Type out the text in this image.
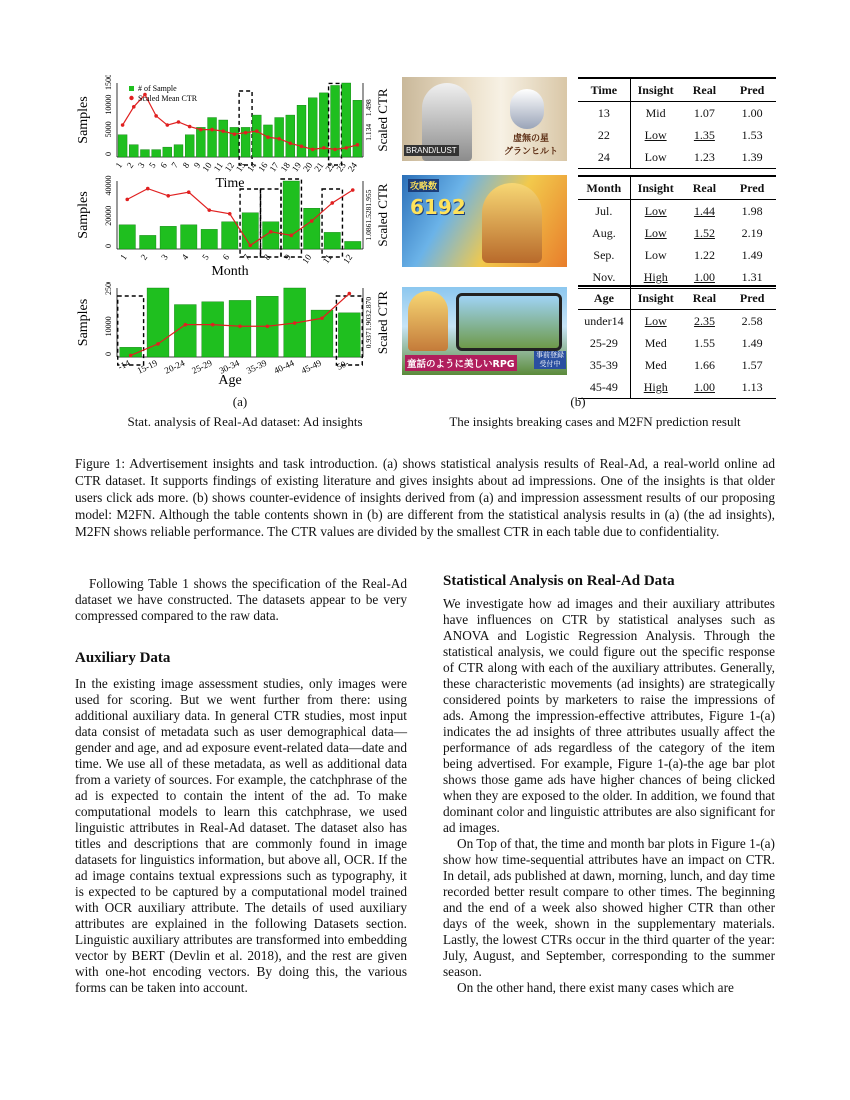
1 2 3 5 6 7 8 9
10
11
12
13
14
16
17
18
19
20
21
22
23
24
0
5000
10000
15000
1.134
1.498
Samples	Scaled CTR
Time
# of Sample
Scaled Mean CTR
1 2 3 4 5 6 7 8 9 10 11 12
0
20000
40000
1.086
1.528
1.955
Samples	Scaled CTR
Month
-14 15-19 20-24 25-29 30-34 35-39 40-44 45-49 50-
0
10000
25000
0.937
1.903
2.870
Samples	Scaled CTR
Age
(a)
Stat. analysis of Real-Ad dataset: Ad insights
BRAND/LUST
虚無の星
グランヒルト
攻略数
6192
童話のように美しいRPG
事前登録受付中
Time	Insight	Real	Pred
13	Mid	1.07	1.00
22	Low	1.35	1.53
24	Low	1.23	1.39
Month	Insight	Real	Pred
Jul.	Low	1.44	1.98
Aug.	Low	1.52	2.19
Sep.	Low	1.22	1.49
Nov.	High	1.00	1.31
Age	Insight	Real	Pred
under14	Low	2.35	2.58
25-29	Med	1.55	1.49
35-39	Med	1.66	1.57
45-49	High	1.00	1.13
(b)
The insights breaking cases and M2FN prediction result
Figure 1: Advertisement insights and task introduction. (a) shows statistical analysis results of Real-Ad, a real-world online ad CTR dataset. It supports findings of existing literature and gives insights about ad impressions. One of the insights is that older users click ads more. (b) shows counter-evidence of insights derived from (a) and impression assessment results of our proposing model: M2FN. Although the table contents shown in (b) are different from the statistical analysis results in (a) (the ad insights), M2FN shows reliable performance. The CTR values are divided by the smallest CTR in each table due to confidentiality.

Following Table 1 shows the specification of the Real-Ad dataset we have constructed. The datasets appear to be very compressed compared to the raw data.

Auxiliary Data

In the existing image assessment studies, only images were used for scoring. But we went further from there: using additional auxiliary data. In general CTR studies, most input data consist of metadata such as user demographical data—gender and age, and ad exposure event-related data—date and time. We use all of these metadata, as well as additional data from a variety of sources. For example, the catchphrase of the ad is expected to contain the intent of the ad. To make computational models to learn this catchphrase, we used linguistic attributes in Real-Ad dataset. The dataset also has titles and descriptions that are commonly found in image datasets for linguistics information, but above all, OCR. If the ad image contains textual expressions such as typography, it is expected to be captured by a computational model trained with OCR auxiliary attribute. The details of used auxiliary attributes are explained in the following Datasets section. Linguistic auxiliary attributes are transformed into embedding vector by BERT (Devlin et al. 2018), and the rest are given with one-hot encoding vectors. By doing this, the various forms can be taken into account.

Statistical Analysis on Real-Ad Data

We investigate how ad images and their auxiliary attributes have influences on CTR by statistical analyses such as ANOVA and Logistic Regression Analysis. Through the statistical analysis, we could figure out the specific response of CTR along with each of the auxiliary attributes. Generally, these characteristic movements (ad insights) are strategically considered points by marketers to raise the impressions of ads. Among the impression-effective attributes, Figure 1-(a) indicates the ad insights of three attributes usually affect the performance of ads regardless of the category of the item being advertised. For example, Figure 1-(a)-the age bar plot shows those game ads have higher chances of being clicked when they are exposed to the older. In addition, we found that dominant color and linguistic attributes are also significant for ad images.

On Top of that, the time and month bar plots in Figure 1-(a) show how time-sequential attributes have an impact on CTR. In detail, ads published at dawn, morning, lunch, and day time recorded better result compare to other times. The beginning and the end of a week also showed higher CTR than other days of the week, shown in the supplementary materials. Lastly, the lowest CTRs occur in the third quarter of the year: July, August, and September, corresponding to the summer season.

On the other hand, there exist many cases which are
